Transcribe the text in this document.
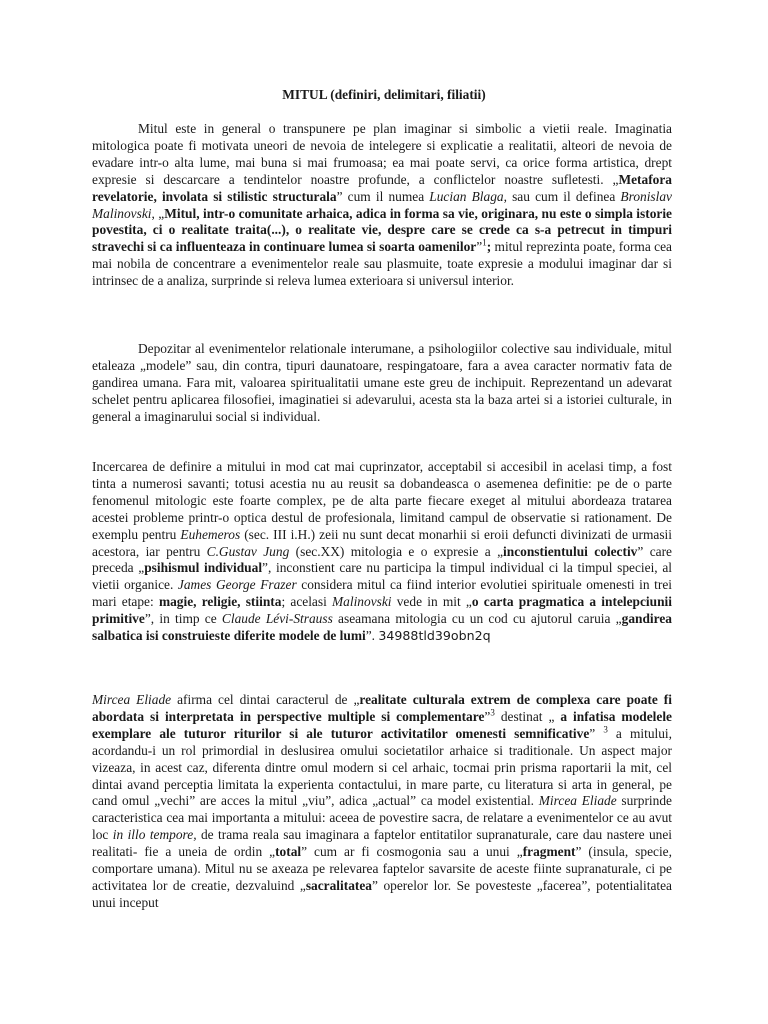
MITUL (definiri, delimitari, filiatii)

Mitul este in general o transpunere pe plan imaginar si simbolic a vietii reale. Imaginatia mitologica poate fi motivata uneori de nevoia de intelegere si explicatie a realitatii, alteori de nevoia de evadare intr-o alta lume, mai buna si mai frumoasa; ea mai poate servi, ca orice forma artistica, drept expresie si descarcare a tendintelor noastre profunde, a conflictelor noastre sufletesti. „Metafora revelatorie, involata si stilistic structurala” cum il numea Lucian Blaga, sau cum il definea Bronislav Malinovski, „Mitul, intr-o comunitate arhaica, adica in forma sa vie, originara, nu este o simpla istorie povestita, ci o realitate traita(...), o realitate vie, despre care se crede ca s-a petrecut in timpuri stravechi si ca influenteaza in continuare lumea si soarta oamenilor”$^1$; mitul reprezinta poate, forma cea mai nobila de concentrare a evenimentelor reale sau plasmuite, toate expresie a modului imaginar dar si intrinsec de a analiza, surprinde si releva lumea exterioara si universul interior.

Depozitar al evenimentelor relationale interumane, a psihologiilor colective sau individuale, mitul etaleaza „modele” sau, din contra, tipuri daunatoare, respingatoare, fara a avea caracter normativ fata de gandirea umana. Fara mit, valoarea spiritualitatii umane este greu de inchipuit. Reprezentand un adevarat schelet pentru aplicarea filosofiei, imaginatiei si adevarului, acesta sta la baza artei si a istoriei culturale, in general a imaginarului social si individual.

Incercarea de definire a mitului in mod cat mai cuprinzator, acceptabil si accesibil in acelasi timp, a fost tinta a numerosi savanti; totusi acestia nu au reusit sa dobandeasca o asemenea definitie: pe de o parte fenomenul mitologic este foarte complex, pe de alta parte fiecare exeget al mitului abordeaza tratarea acestei probleme printr-o optica destul de profesionala, limitand campul de observatie si rationament. De exemplu pentru Euhemeros (sec. III i.H.) zeii nu sunt decat monarhii si eroii defuncti divinizati de urmasii acestora, iar pentru C.Gustav Jung (sec.XX) mitologia e o expresie a „inconstientului colectiv” care preceda „psihismul individual”, inconstient care nu participa la timpul individual ci la timpul speciei, al vietii organice. James George Frazer considera mitul ca fiind interior evolutiei spirituale omenesti in trei mari etape: magie, religie, stiinta; acelasi Malinovski vede in mit „o carta pragmatica a intelepciunii primitive”, in timp ce Claude Lévi-Strauss aseamana mitologia cu un cod cu ajutorul caruia „gandirea salbatica isi construieste diferite modele de lumi”. 34988tld39obn2q

Mircea Eliade afirma cel dintai caracterul de „realitate culturala extrem de complexa care poate fi abordata si interpretata in perspective multiple si complementare”$^3$ destinat „ a infatisa modelele exemplare ale tuturor riturilor si ale tuturor activitatilor omenesti semnificative” $^3$ a mitului, acordandu-i un rol primordial in deslusirea omului societatilor arhaice si traditionale. Un aspect major vizeaza, in acest caz, diferenta dintre omul modern si cel arhaic, tocmai prin prisma raportarii la mit, cel dintai avand perceptia limitata la experienta contactului, in mare parte, cu literatura si arta in general, pe cand omul „vechi” are acces la mitul „viu”, adica „actual” ca model existential. Mircea Eliade surprinde caracteristica cea mai importanta a mitului: aceea de povestire sacra, de relatare a evenimentelor ce au avut loc in illo tempore, de trama reala sau imaginara a faptelor entitatilor supranaturale, care dau nastere unei realitati- fie a uneia de ordin „total” cum ar fi cosmogonia sau a unui „fragment” (insula, specie, comportare umana). Mitul nu se axeaza pe relevarea faptelor savarsite de aceste fiinte supranaturale, ci pe activitatea lor de creatie, dezvaluind „sacralitatea” operelor lor. Se povesteste „facerea”, potentialitatea unui inceput
